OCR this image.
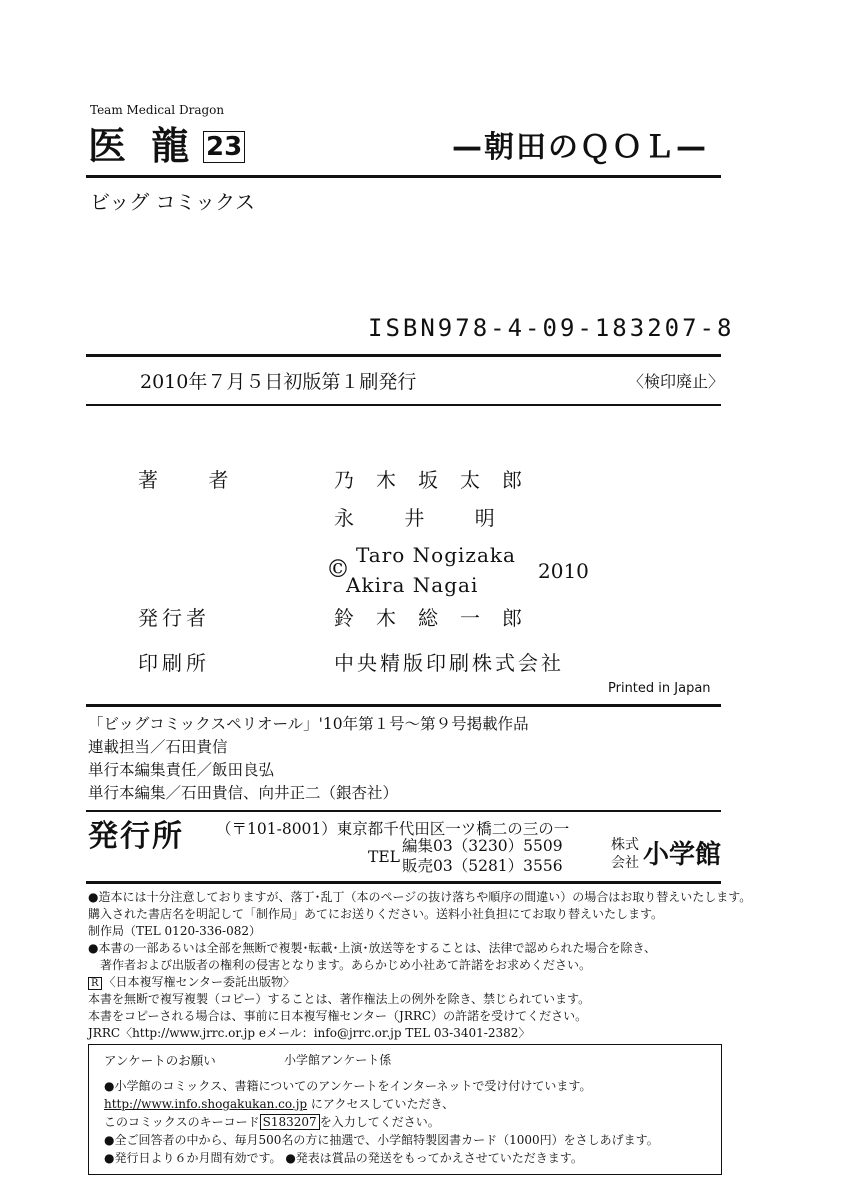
Team Medical Dragon
医 龍 23	—朝田のＱＯＬ—
ビッグ コミックス
ISBN978-4-09-183207-8
2010年７月５日初版第１刷発行	〈検印廃止〉
著 者	乃木坂太郎
永 井 明
© Taro Nogizaka
Akira Nagai
2010
発行者	鈴木総一郎
印刷所	中央精版印刷株式会社
Printed in Japan
「ビッグコミックスペリオール」'10年第１号～第９号掲載作品
連載担当／石田貴信
単行本編集責任／飯田良弘
単行本編集／石田貴信、向井正二（銀杏社）
発行所 （〒101-8001）東京都千代田区一ツ橋二の三の一
TEL
編集03（3230）5509
販売03（5281）3556
株式
会社 小学館
●造本には十分注意しておりますが、落丁･乱丁（本のページの抜け落ちや順序の間違い）の場合はお取り替えいたします。
購入された書店名を明記して「制作局」あてにお送りください。送料小社負担にてお取り替えいたします。
制作局（TEL 0120-336-082）
●本書の一部あるいは全部を無断で複製･転載･上演･放送等をすることは、法律で認められた場合を除き、
著作者および出版者の権利の侵害となります。あらかじめ小社あて許諾をお求めください。
R 〈日本複写権センター委託出版物〉
本書を無断で複写複製（コピー）することは、著作権法上の例外を除き、禁じられています。
本書をコピーされる場合は、事前に日本複写権センター（JRRC）の許諾を受けてください。
JRRC〈http://www.jrrc.or.jp eメール：info@jrrc.or.jp TEL 03-3401-2382〉
アンケートのお願い	小学館アンケート係
●小学館のコミックス、書籍についてのアンケートをインターネットで受け付けています。
http://www.info.shogakukan.co.jp にアクセスしていただき、
このコミックスのキーコード S183207 を入力してください。
●全ご回答者の中から、毎月500名の方に抽選で、小学館特製図書カード（1000円）をさしあげます。
●発行日より６か月間有効です。 ●発表は賞品の発送をもってかえさせていただきます。
